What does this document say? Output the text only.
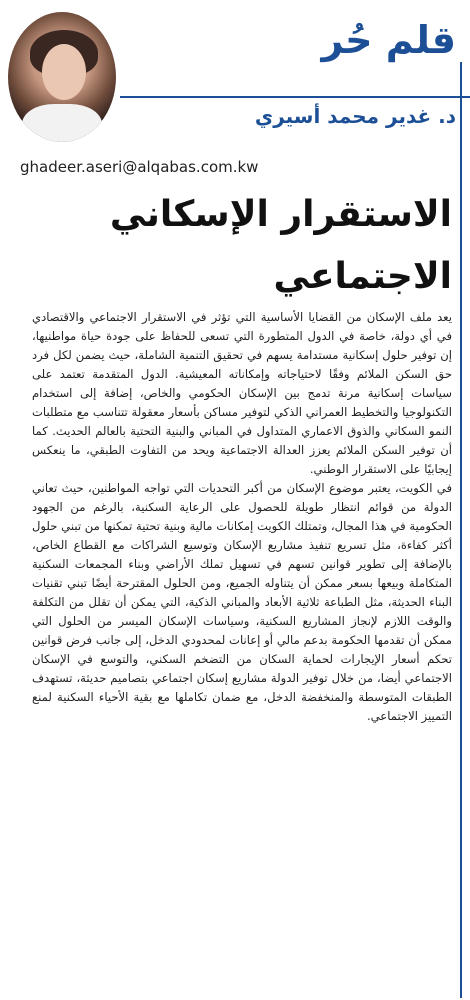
قلم حُر
د. غدير محمد أسيري
ghadeer.aseri@alqabas.com.kw
الاستقرار الإسكاني
الاجتماعي

يعد ملف الإسكان من القضايا الأساسية التي تؤثر في الاستقرار الاجتماعي والاقتصادي في أي دولة، خاصة في الدول المتطورة التي تسعى للحفاظ على جودة حياة مواطنيها، إن توفير حلول إسكانية مستدامة يسهم في تحقيق التنمية الشاملة، حيث يضمن لكل فرد حق السكن الملائم وفقًا لاحتياجاته وإمكاناته المعيشية. الدول المتقدمة تعتمد على سياسات إسكانية مرنة تدمج بين الإسكان الحكومي والخاص، إضافة إلى استخدام التكنولوجيا والتخطيط العمراني الذكي لتوفير مساكن بأسعار معقولة تتناسب مع متطلبات النمو السكاني والذوق الاعماري المتداول في المباني والبنية التحتية بالعالم الحديث. كما أن توفير السكن الملائم يعزز العدالة الاجتماعية ويحد من التفاوت الطبقي، ما ينعكس إيجابيًا على الاستقرار الوطني.

في الكويت، يعتبر موضوع الإسكان من أكبر التحديات التي تواجه المواطنين، حيث تعاني الدولة من قوائم انتظار طويلة للحصول على الرعاية السكنية، بالرغم من الجهود الحكومية في هذا المجال، وتمتلك الكويت إمكانات مالية وبنية تحتية تمكنها من تبني حلول أكثر كفاءة، مثل تسريع تنفيذ مشاريع الإسكان وتوسيع الشراكات مع القطاع الخاص، بالإضافة إلى تطوير قوانين تسهم في تسهيل تملك الأراضي وبناء المجمعات السكنية المتكاملة وبيعها بسعر ممكن أن يتناوله الجميع، ومن الحلول المقترحة أيضًا تبني تقنيات البناء الحديثة، مثل الطباعة ثلاثية الأبعاد والمباني الذكية، التي يمكن أن تقلل من التكلفة والوقت اللازم لإنجاز المشاريع السكنية، وسياسات الإسكان الميسر من الحلول التي ممكن أن تقدمها الحكومة بدعم مالي أو إعانات لمحدودي الدخل، إلى جانب فرض قوانين تحكم أسعار الإيجارات لحماية السكان من التضخم السكني، والتوسع في الإسكان الاجتماعي أيضا، من خلال توفير الدولة مشاريع إسكان اجتماعي بتصاميم حديثة، تستهدف الطبقات المتوسطة والمنخفضة الدخل، مع ضمان تكاملها مع بقية الأحياء السكنية لمنع التمييز الاجتماعي.
